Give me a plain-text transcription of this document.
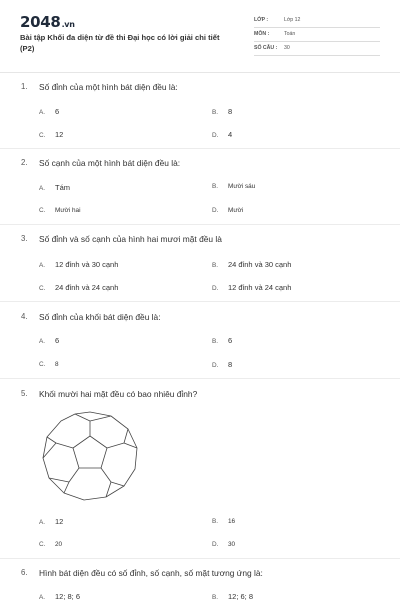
2048.vn
Bài tập Khối đa diện từ đề thi Đại học có lời giải chi tiết (P2)
LỚP :	Lớp 12
MÔN :	Toán
SỐ CÂU : 30
1. Số đỉnh của một hình bát diện đều là:
A. 6	B. 8
C. 12	D. 4
2. Số cạnh của một hình bát diện đều là:
A. Tám	B. Mười sáu
C. Mười hai	D. Mười
3. Số đỉnh và số cạnh của hình hai mươi mặt đều là
A. 12 đỉnh và 30 cạnh	B. 24 đỉnh và 30 cạnh
C. 24 đỉnh và 24 cạnh	D. 12 đỉnh và 24 cạnh
4. Số đỉnh của khối bát diện đều là:
A. 6	B. 6
C. 8	D. 8
5. Khối mười hai mặt đều có bao nhiêu đỉnh?
A. 12	B. 16
C. 20	D. 30
6. Hình bát diện đều có số đỉnh, số cạnh, số mặt tương ứng là:
A. 12; 8; 6	B. 12; 6; 8
